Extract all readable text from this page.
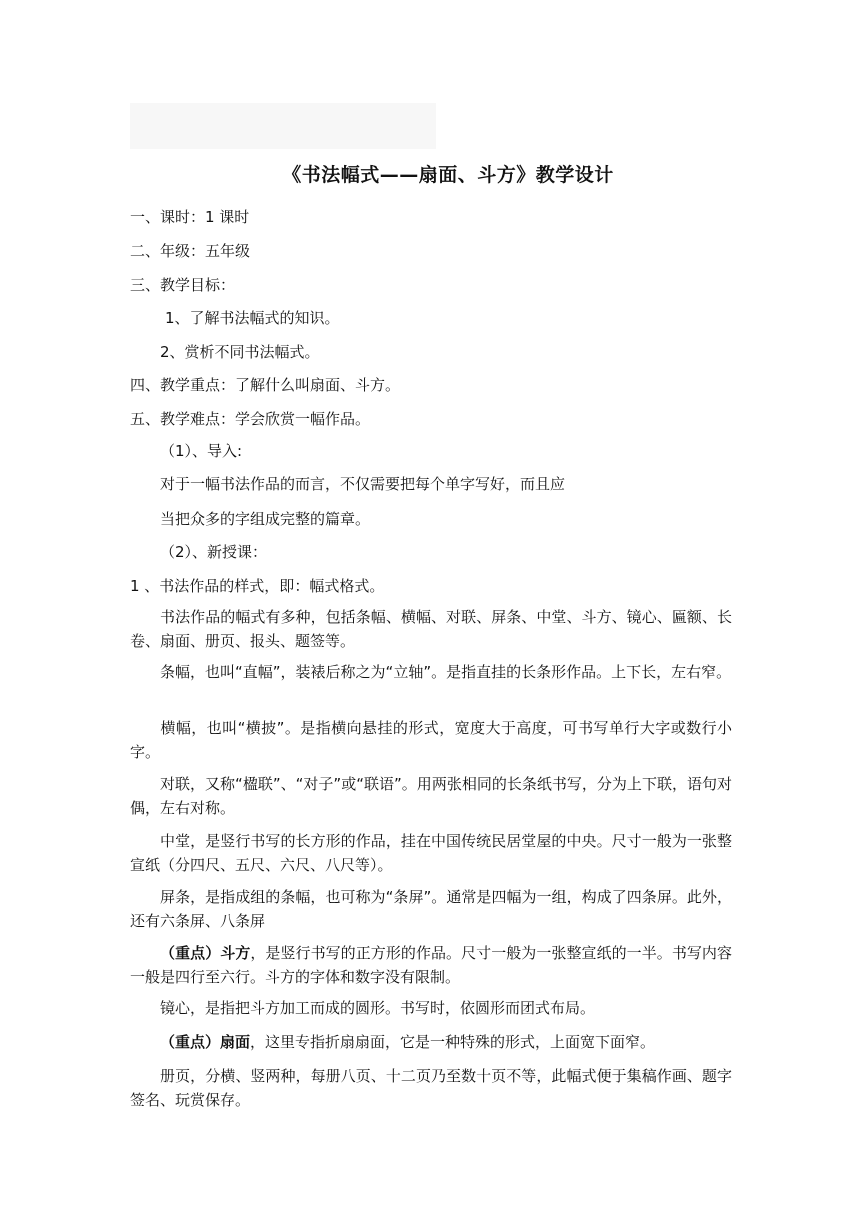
《书法幅式——扇面、斗方》教学设计
一、课时：1 课时
二、年级：五年级
三、教学目标：
1、了解书法幅式的知识。
2、赏析不同书法幅式。
四、教学重点：了解什么叫扇面、斗方。
五、教学难点：学会欣赏一幅作品。
（1）、导入:
对于一幅书法作品的而言，不仅需要把每个单字写好，而且应
当把众多的字组成完整的篇章。
（2）、新授课：
1 、书法作品的样式，即：幅式格式。
书法作品的幅式有多种，包括条幅、横幅、对联、屏条、中堂、斗方、镜心、匾额、长卷、扇面、册页、报头、题签等。
条幅，也叫“直幅”，装裱后称之为“立轴”。是指直挂的长条形作品。上下长，左右窄。
横幅，也叫“横披”。是指横向悬挂的形式，宽度大于高度，可书写单行大字或数行小字。
对联，又称“楹联”、“对子”或“联语”。用两张相同的长条纸书写，分为上下联，语句对偶，左右对称。
中堂，是竖行书写的长方形的作品，挂在中国传统民居堂屋的中央。尺寸一般为一张整宣纸（分四尺、五尺、六尺、八尺等）。
屏条，是指成组的条幅，也可称为“条屏”。通常是四幅为一组，构成了四条屏。此外，还有六条屏、八条屏
（重点）斗方，是竖行书写的正方形的作品。尺寸一般为一张整宣纸的一半。书写内容一般是四行至六行。斗方的字体和数字没有限制。
镜心，是指把斗方加工而成的圆形。书写时，依圆形而团式布局。
（重点）扇面，这里专指折扇扇面，它是一种特殊的形式，上面宽下面窄。
册页，分横、竖两种，每册八页、十二页乃至数十页不等，此幅式便于集稿作画、题字签名、玩赏保存。
